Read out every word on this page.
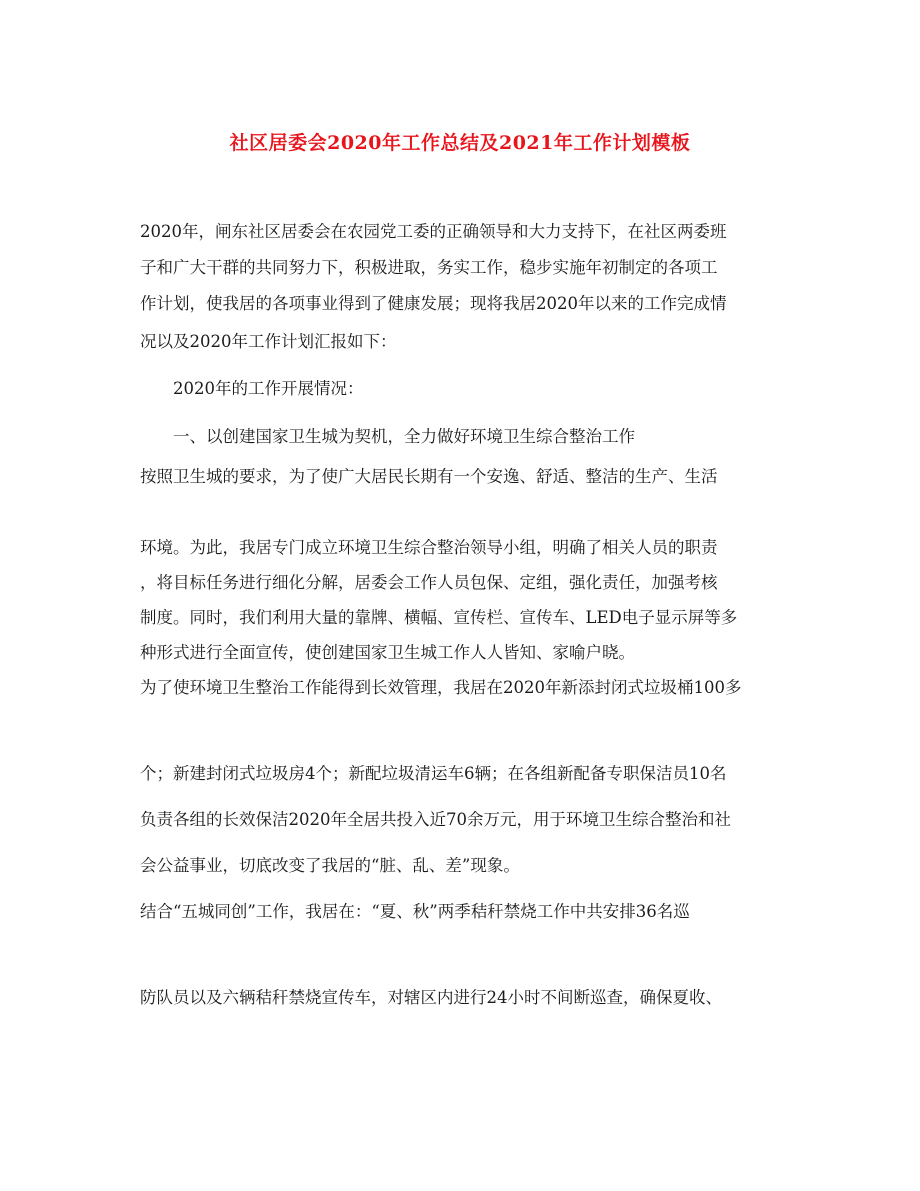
社区居委会2020年工作总结及2021年工作计划模板
2020年，闸东社区居委会在农园党工委的正确领导和大力支持下，在社区两委班
子和广大干群的共同努力下，积极进取，务实工作，稳步实施年初制定的各项工
作计划，使我居的各项事业得到了健康发展；现将我居2020年以来的工作完成情
况以及2020年工作计划汇报如下：
2020年的工作开展情况：
一、以创建国家卫生城为契机，全力做好环境卫生综合整治工作
按照卫生城的要求，为了使广大居民长期有一个安逸、舒适、整洁的生产、生活
环境。为此，我居专门成立环境卫生综合整治领导小组，明确了相关人员的职责
，将目标任务进行细化分解，居委会工作人员包保、定组，强化责任，加强考核
制度。同时，我们利用大量的靠牌、横幅、宣传栏、宣传车、LED电子显示屏等多
种形式进行全面宣传，使创建国家卫生城工作人人皆知、家喻户晓。
为了使环境卫生整治工作能得到长效管理，我居在2020年新添封闭式垃圾桶100多
个；新建封闭式垃圾房4个；新配垃圾清运车6辆；在各组新配备专职保洁员10名
负责各组的长效保洁2020年全居共投入近70余万元，用于环境卫生综合整治和社
会公益事业，切底改变了我居的“脏、乱、差”现象。
结合“五城同创”工作，我居在：“夏、秋”两季秸秆禁烧工作中共安排36名巡
防队员以及六辆秸秆禁烧宣传车，对辖区内进行24小时不间断巡查，确保夏收、
